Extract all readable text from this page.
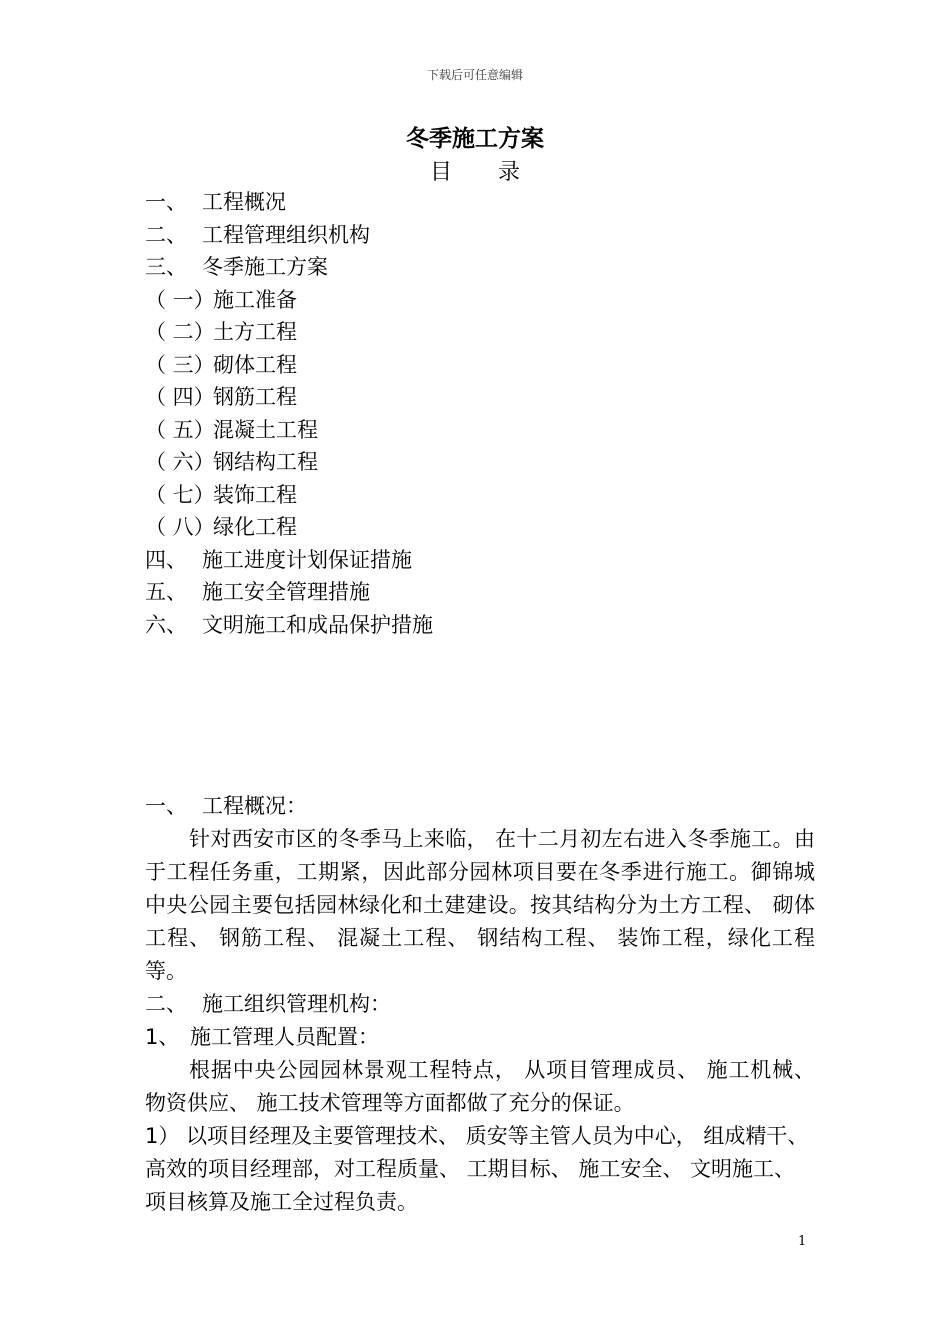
下载后可任意编辑
冬季施工方案
目录
一、 工程概况
二、 工程管理组织机构
三、 冬季施工方案
（ 一）施工准备
（ 二）土方工程
（ 三）砌体工程
（ 四）钢筋工程
（ 五）混凝土工程
（ 六）钢结构工程
（ 七）装饰工程
（ 八）绿化工程
四、 施工进度计划保证措施
五、 施工安全管理措施
六、 文明施工和成品保护措施

一、 工程概况：

针对西安市区的冬季马上来临， 在十二月初左右进入冬季施工。由于工程任务重，工期紧，因此部分园林项目要在冬季进行施工。御锦城中央公园主要包括园林绿化和土建建设。按其结构分为土方工程、 砌体工程、 钢筋工程、 混凝土工程、 钢结构工程、 装饰工程，绿化工程等。

二、 施工组织管理机构：

1、 施工管理人员配置：

根据中央公园园林景观工程特点， 从项目管理成员、 施工机械、 物资供应、 施工技术管理等方面都做了充分的保证。

1） 以项目经理及主要管理技术、 质安等主管人员为中心， 组成精干、 高效的项目经理部，对工程质量、 工期目标、 施工安全、 文明施工、 项目核算及施工全过程负责。

1
